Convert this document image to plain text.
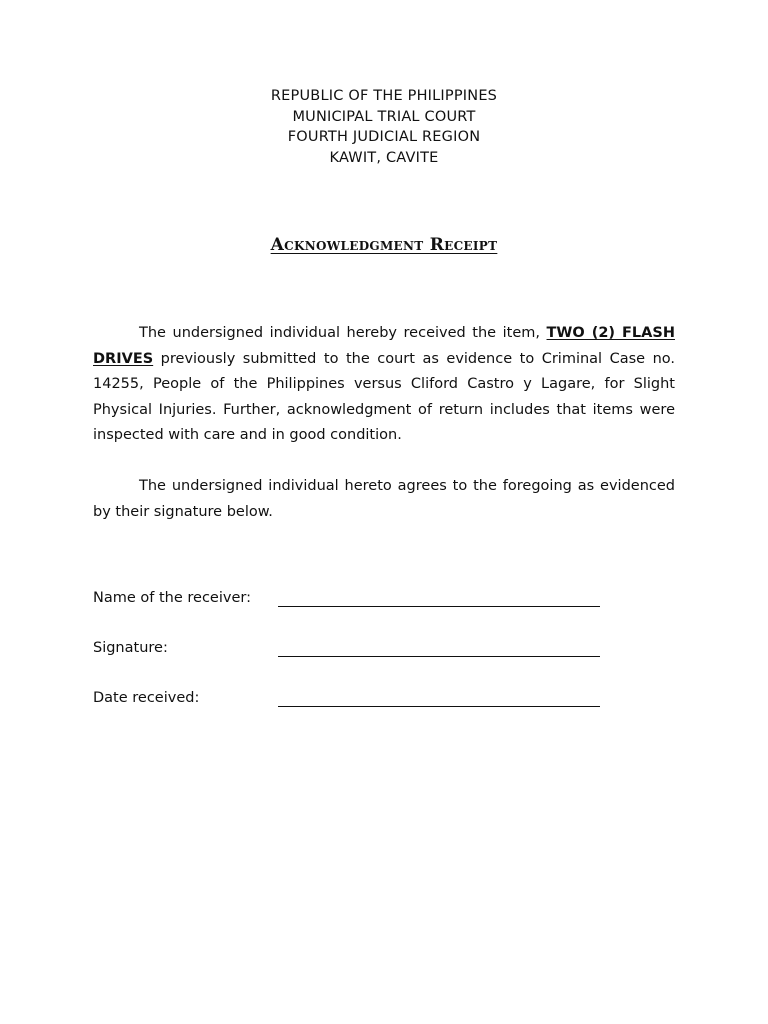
REPUBLIC OF THE PHILIPPINES
MUNICIPAL TRIAL COURT
FOURTH JUDICIAL REGION
KAWIT, CAVITE
Acknowledgment Receipt

The undersigned individual hereby received the item, TWO (2) FLASH DRIVES previously submitted to the court as evidence to Criminal Case no. 14255, People of the Philippines versus Cliford Castro y Lagare, for Slight Physical Injuries. Further, acknowledgment of return includes that items were inspected with care and in good condition.

The undersigned individual hereto agrees to the foregoing as evidenced by their signature below.

Name of the receiver:
Signature:
Date received:
